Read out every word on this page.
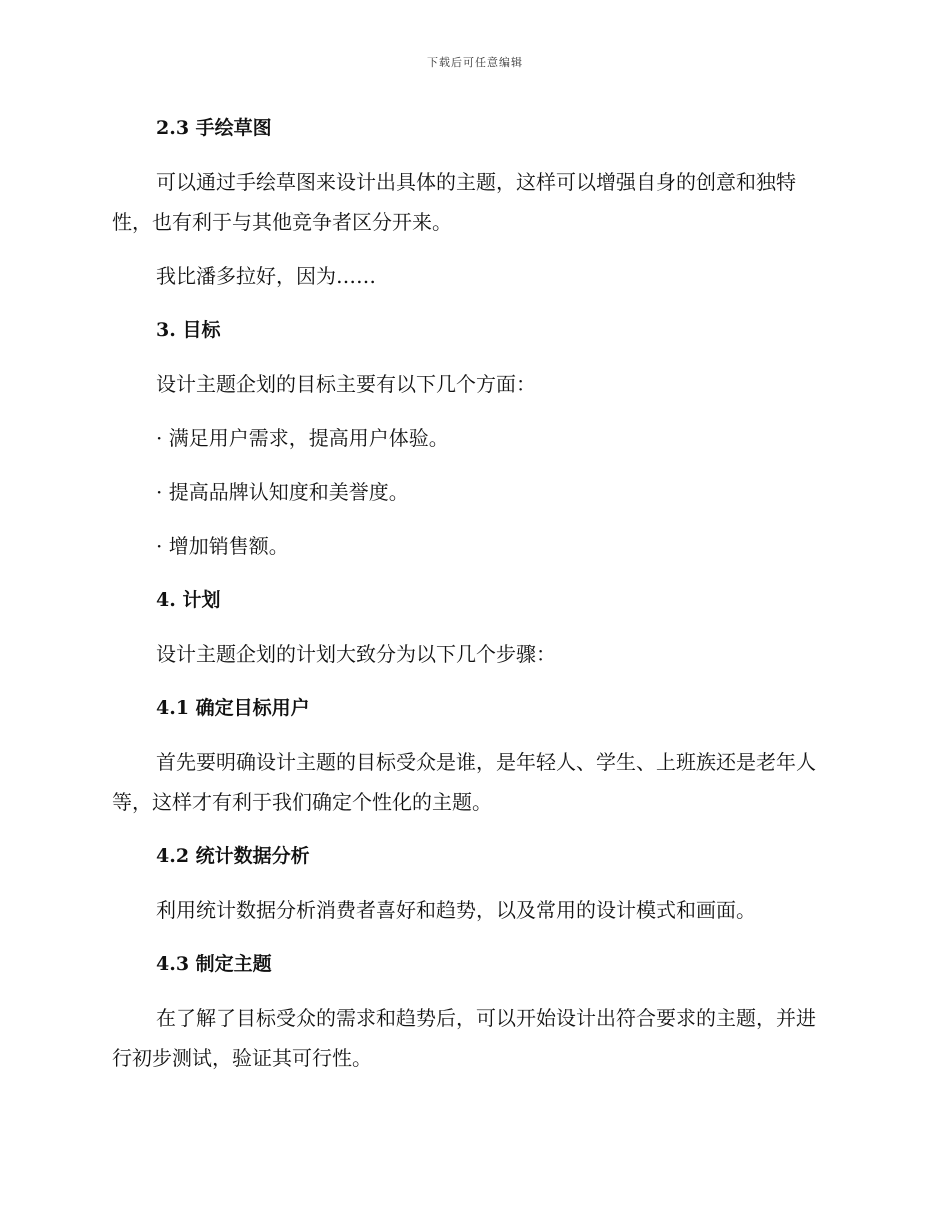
下载后可任意编辑

2.3 手绘草图

可以通过手绘草图来设计出具体的主题，这样可以增强自身的创意和独特性，也有利于与其他竞争者区分开来。

我比潘多拉好，因为……

3. 目标

设计主题企划的目标主要有以下几个方面：

· 满足用户需求，提高用户体验。

· 提高品牌认知度和美誉度。

· 增加销售额。

4. 计划

设计主题企划的计划大致分为以下几个步骤：

4.1 确定目标用户

首先要明确设计主题的目标受众是谁，是年轻人、学生、上班族还是老年人等，这样才有利于我们确定个性化的主题。

4.2 统计数据分析

利用统计数据分析消费者喜好和趋势，以及常用的设计模式和画面。

4.3 制定主题

在了解了目标受众的需求和趋势后，可以开始设计出符合要求的主题，并进行初步测试，验证其可行性。
